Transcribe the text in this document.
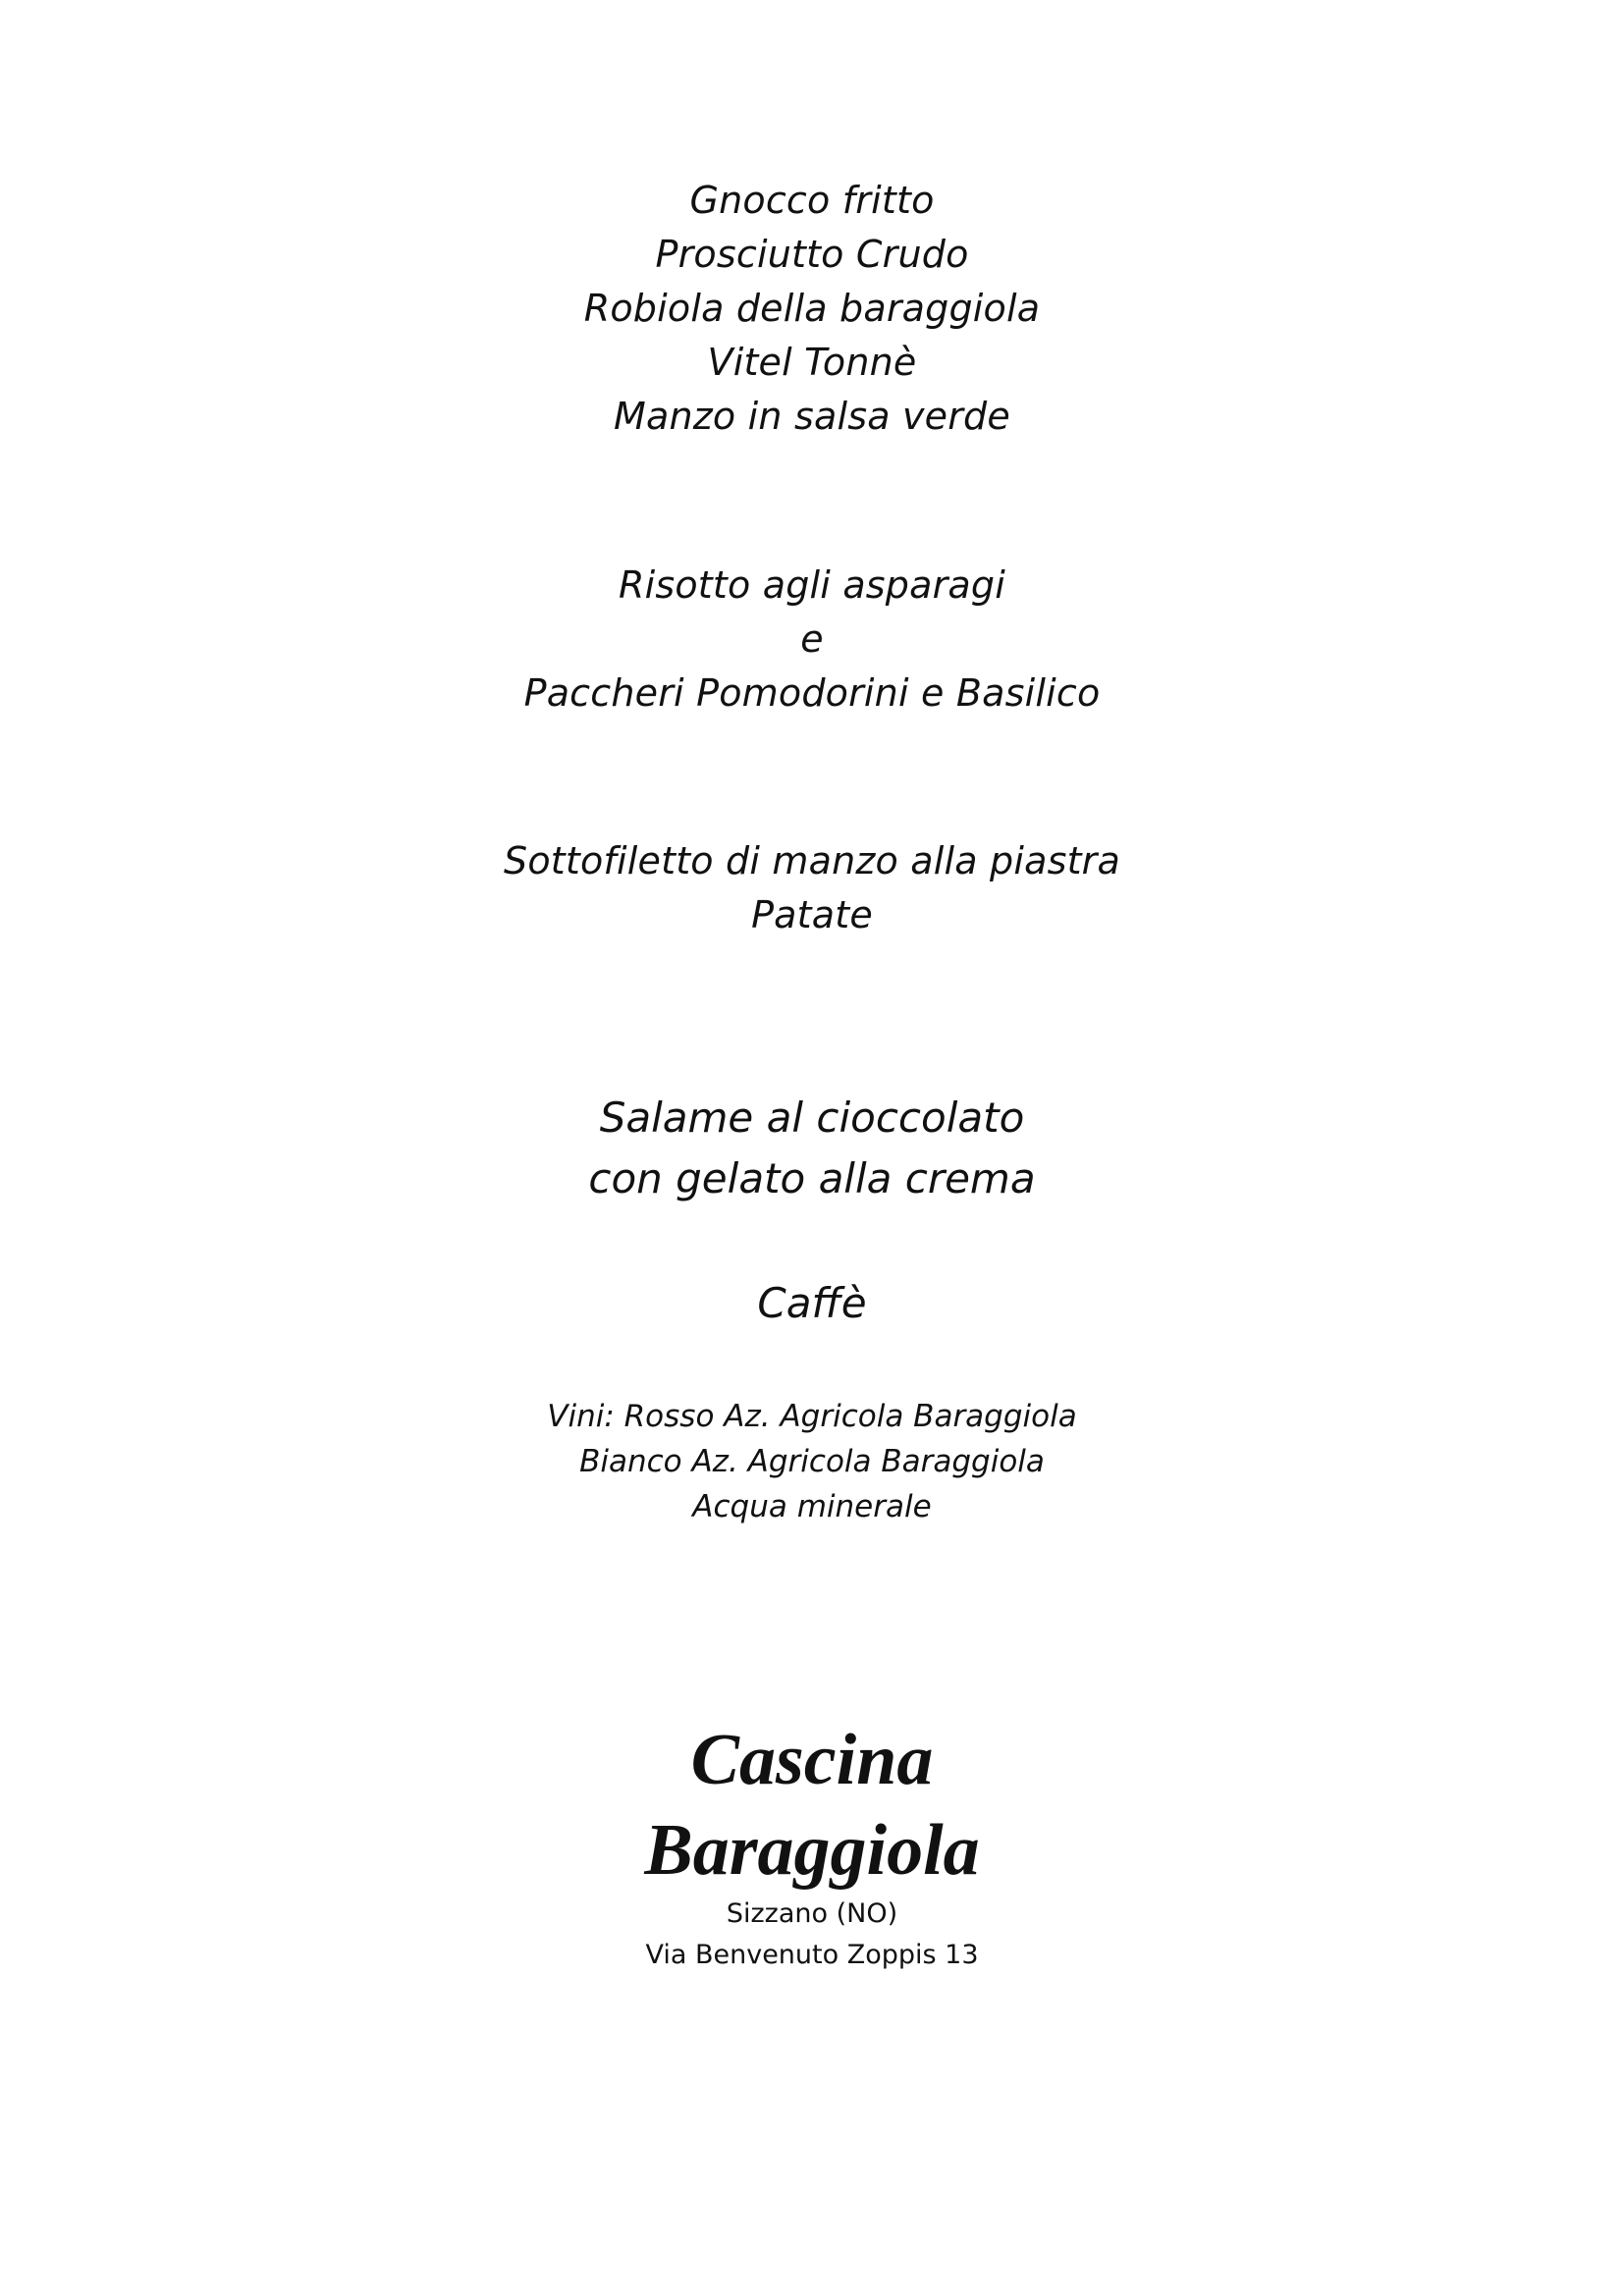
Gnocco fritto
Prosciutto Crudo
Robiola della baraggiola
Vitel Tonnè
Manzo in salsa verde
Risotto agli asparagi
e
Paccheri Pomodorini e Basilico
Sottofiletto di manzo alla piastra
Patate
Salame al cioccolato
con gelato alla crema
Caffè
Vini: Rosso Az. Agricola Baraggiola
Bianco Az. Agricola Baraggiola
Acqua minerale
Cascina
Baraggiola
Sizzano (NO)
Via Benvenuto Zoppis 13
